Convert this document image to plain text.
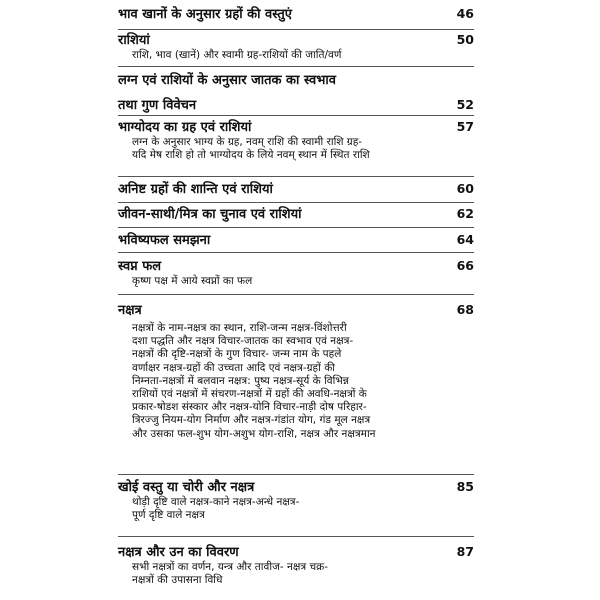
भाव खानों के अनुसार ग्रहों की वस्तुएं	46
राशियां	50
राशि, भाव (खानें) और स्वामी ग्रह-राशियों की जाति/वर्ण
लग्न एवं राशियों के अनुसार जातक का स्वभाव
तथा गुण विवेचन	52
भाग्योदय का ग्रह एवं राशियां	57
लग्न के अनुसार भाग्य के ग्रह, नवम् राशि की स्वामी राशि ग्रह-
यदि मेष राशि हो तो भाग्योदय के लिये नवम् स्थान में स्थित राशि
अनिष्ट ग्रहों की शान्ति एवं राशियां	60
जीवन-साथी/मित्र का चुनाव एवं राशियां	62
भविष्यफल समझना	64
स्वप्न फल	66
कृष्ण पक्ष में आये स्वप्नों का फल
नक्षत्र	68
नक्षत्रों के नाम-नक्षत्र का स्थान, राशि-जन्म नक्षत्र-विंशोत्तरी
दशा पद्धति और नक्षत्र विचार-जातक का स्वभाव एवं नक्षत्र-
नक्षत्रों की दृष्टि-नक्षत्रों के गुण विचार- जन्म नाम के पहले
वर्णाक्षर नक्षत्र-ग्रहों की उच्चता आदि एवं नक्षत्र-ग्रहों की
निम्नता-नक्षत्रों में बलवान नक्षत्र: पुष्य नक्षत्र-सूर्य के विभिन्न
राशियों एवं नक्षत्रों में संचरण-नक्षत्रों में ग्रहों की अवधि-नक्षत्रों के
प्रकार-षोडश संस्कार और नक्षत्र-योनि विचार-नाड़ी दोष परिहार-
त्रिरज्जु नियम-योग निर्माण और नक्षत्र-गंडांत योग, गंड मूल नक्षत्र
और उसका फल-शुभ योग-अशुभ योग-राशि, नक्षत्र और नक्षत्रमान
खोई वस्तु या चोरी और नक्षत्र	85
थोड़ी दृष्टि वाले नक्षत्र-काने नक्षत्र-अन्धे नक्षत्र-
पूर्ण दृष्टि वाले नक्षत्र
नक्षत्र और उन का विवरण	87
सभी नक्षत्रों का वर्णन, यन्त्र और तावीज- नक्षत्र चक्र-
नक्षत्रों की उपासना विधि
